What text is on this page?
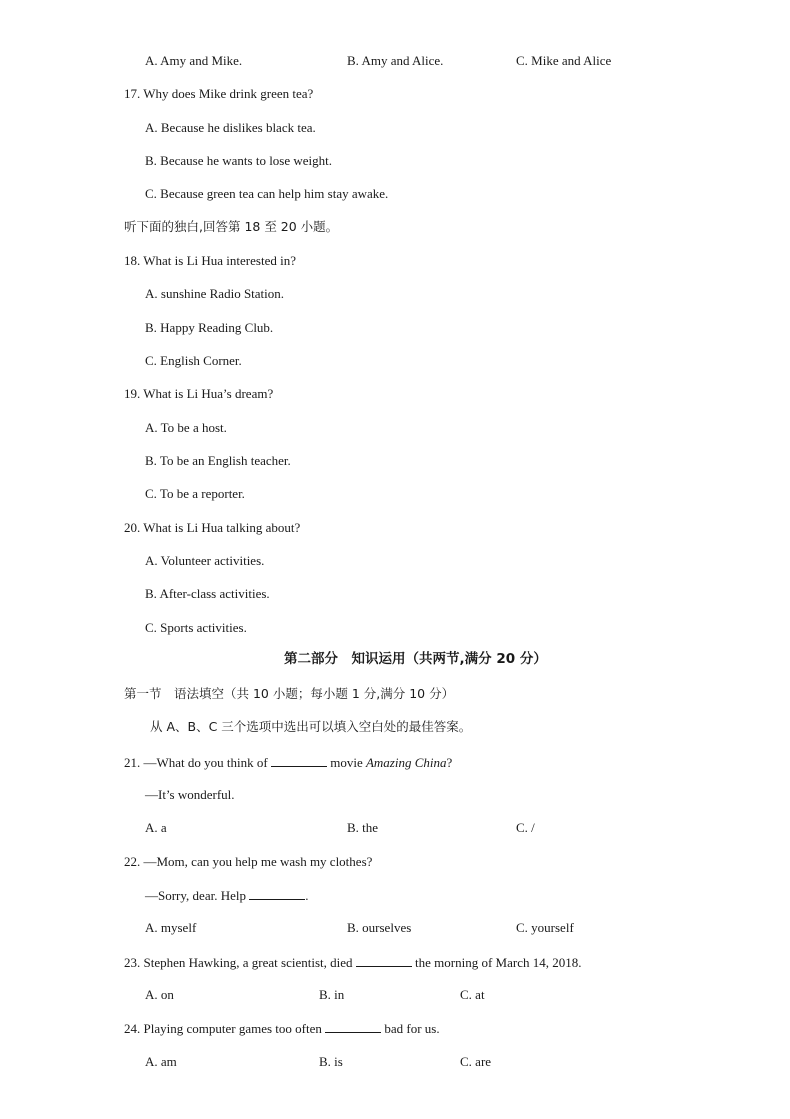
A. Amy and Mike.	B. Amy and Alice.	C. Mike and Alice
17. Why does Mike drink green tea?
A. Because he dislikes black tea.
B. Because he wants to lose weight.
C. Because green tea can help him stay awake.
听下面的独白,回答第 18 至 20 小题。
18. What is Li Hua interested in?
A. sunshine Radio Station.
B. Happy Reading Club.
C. English Corner.
19. What is Li Hua’s dream?
A. To be a host.
B. To be an English teacher.
C. To be a reporter.
20. What is Li Hua talking about?
A. Volunteer activities.
B. After-class activities.
C. Sports activities.
第二部分　知识运用（共两节,满分 20 分）
第一节　语法填空（共 10 小题；每小题 1 分,满分 10 分）
从 A、B、C 三个选项中选出可以填入空白处的最佳答案。
21. —What do you think of	movie Amazing China?
—It’s wonderful.
A. a	B. the	C. /
22. —Mom, can you help me wash my clothes?
—Sorry, dear. Help	.
A. myself	B. ourselves	C. yourself
23. Stephen Hawking, a great scientist, died	the morning of March 14, 2018.
A. on	B. in	C. at
24. Playing computer games too often	bad for us.
A. am	B. is	C. are
